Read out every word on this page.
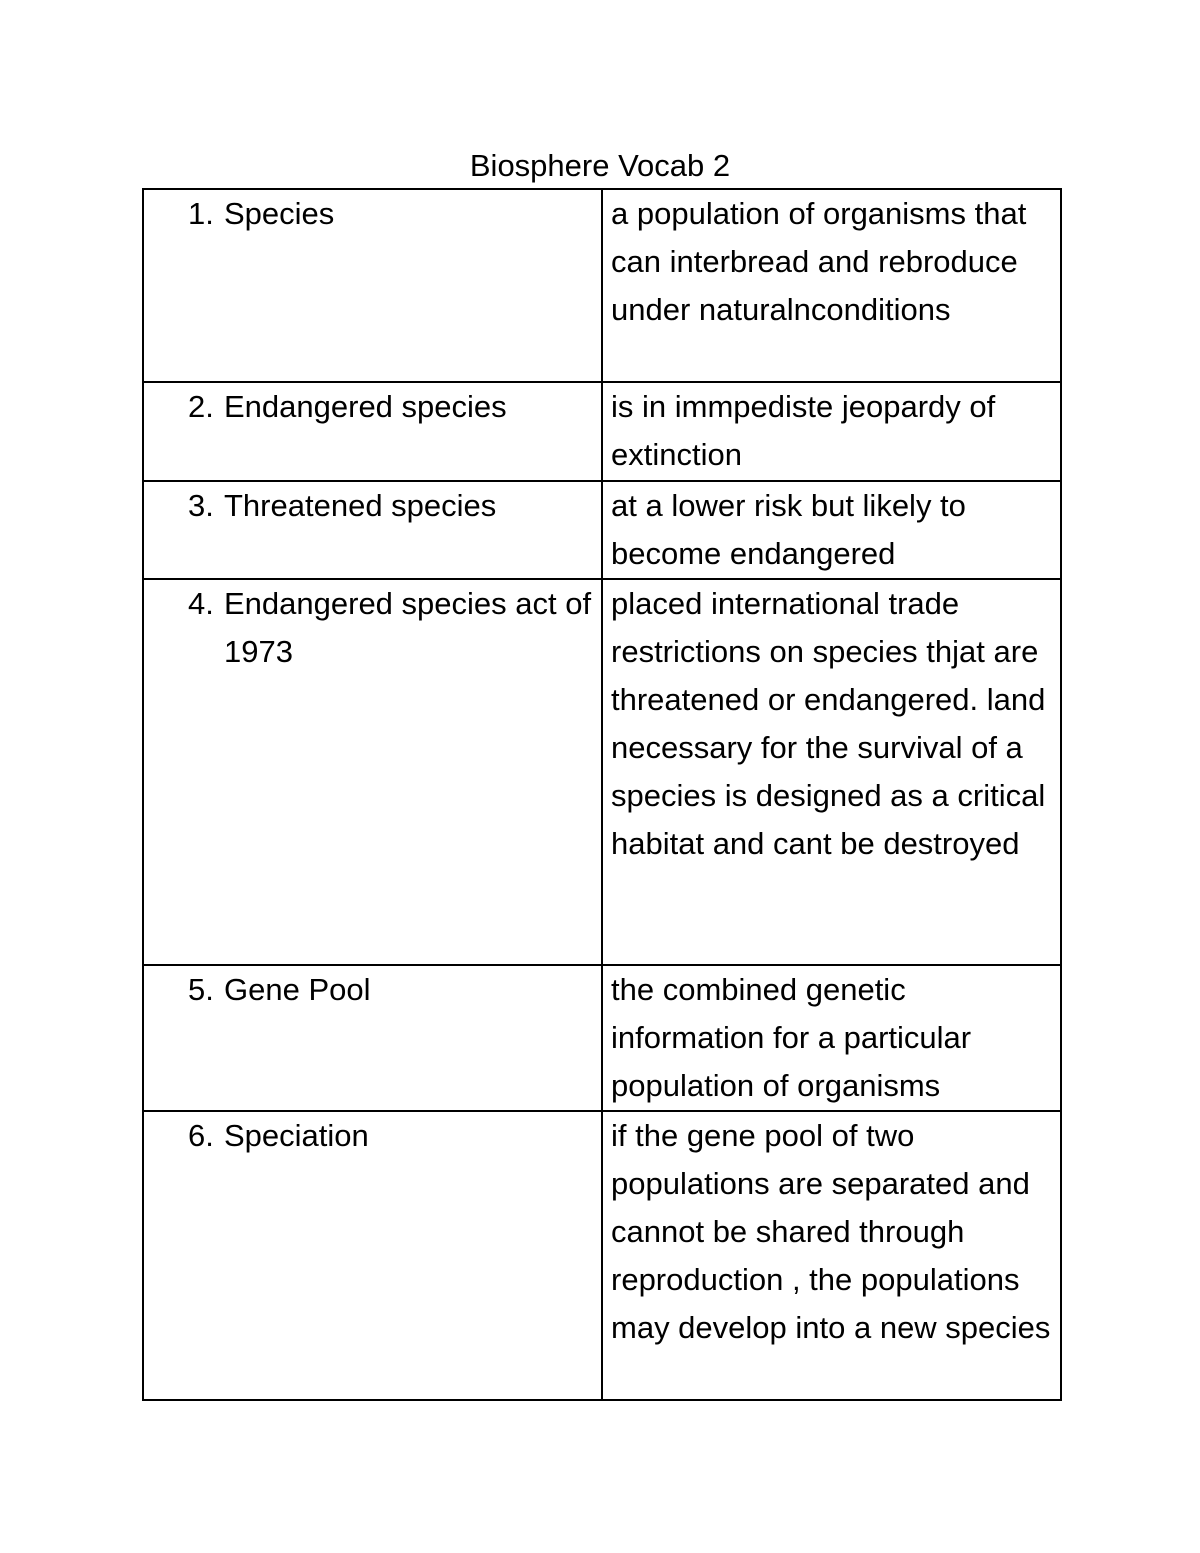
Biosphere Vocab 2
1. Species	a population of organisms that can interbread and rebroduce under naturalnconditions

2. Endangered species	is in immpediste jeopardy of extinction

3. Threatened species	at a lower risk but likely to become endangered

4. Endangered species act of 1973	placed international trade restrictions on species thjat are threatened or endangered. land necessary for the survival of a species is designed as a critical habitat and cant be destroyed

5. Gene Pool	the combined genetic information for a particular population of organisms

6. Speciation	if the gene pool of two populations are separated and cannot be shared through reproduction , the populations may develop into a new species
